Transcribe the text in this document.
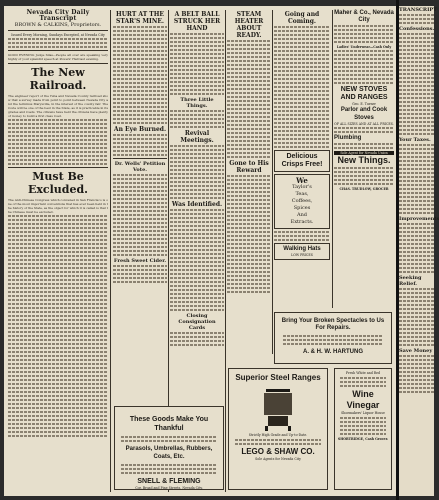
Nevada City Daily Transcript
BROWN & CALKINS, Proprietors.
Issued Every Morning, Sundays Excepted, at Nevada City
GOOD EVENING Judge Silas—People all over are speaking very highly of your splendid speech at Powers' Hall last evening.
The New Railroad.
The engineer report of the Yuba and Nevada County railroad show that a survey made from point to point between Nevada City and the terminus Marysville, in the interest of the county fair. The route will be one of the best in the State, as it is practicable in its grades and roads. The citizens have held the citizens have plenty of money to build a first class road.
Must Be Excluded.
The Anti-Chinese Congress which convened in San Francisco is one of the most important conventions that has ever been held in the history of the State, as the object for which it is called is that the Chinese must be excluded.
HURT AT THE STAR'S MINE.
An Eye Burned.
Dr. Wells' Petition Vote.
Fresh Sweet Cider.
A BELT BALL STRUCK HER HAND
Three Little Things.
Revival Meetings.
Was Identified.
Closing Consignation Cards
STEAM HEATER ABOUT READY.
Gone to His Reward
These Goods Make You Thankful
Parasols, Umbrellas, Rubbers, Coats, Etc.
SNELL & FLEMING
Cor. Broad and Pine Streets, Nevada City.
Superior Steel Ranges
Strictly High Grade and Up-to-Date.
LEGO & SHAW CO.
Sole Agents for Nevada City
Going and Coming.
Delicious Crisps Free!
We
Taylor's
Teas,
Coffees,
Spices
And
Extracts.
Walking Hats
LOW PRICES
Bring Your Broken Spectacles to Us For Repairs.
A. & H. W. HARTUNG
Maher & Co., Nevada City
Ladies' Underwear—Cash Only
NEW STOVES AND RANGES
Geo. E. Turner
Parlor and Cook Stoves
OF ALL SIZES AND AT ALL PRICES.
Plumbing
Sole Agent for Nevada Union
New Things.
CHAS. TRUDLOW, GROCER
Fresh White and Red
Wine Vinegar
Shoemakers' Liquor House
SHORTRIDGE, Cash Grocer.
TRANSCRIPT
Confessions.
Your Taxes.
Improvements
Seeking Relief.
Save Money
